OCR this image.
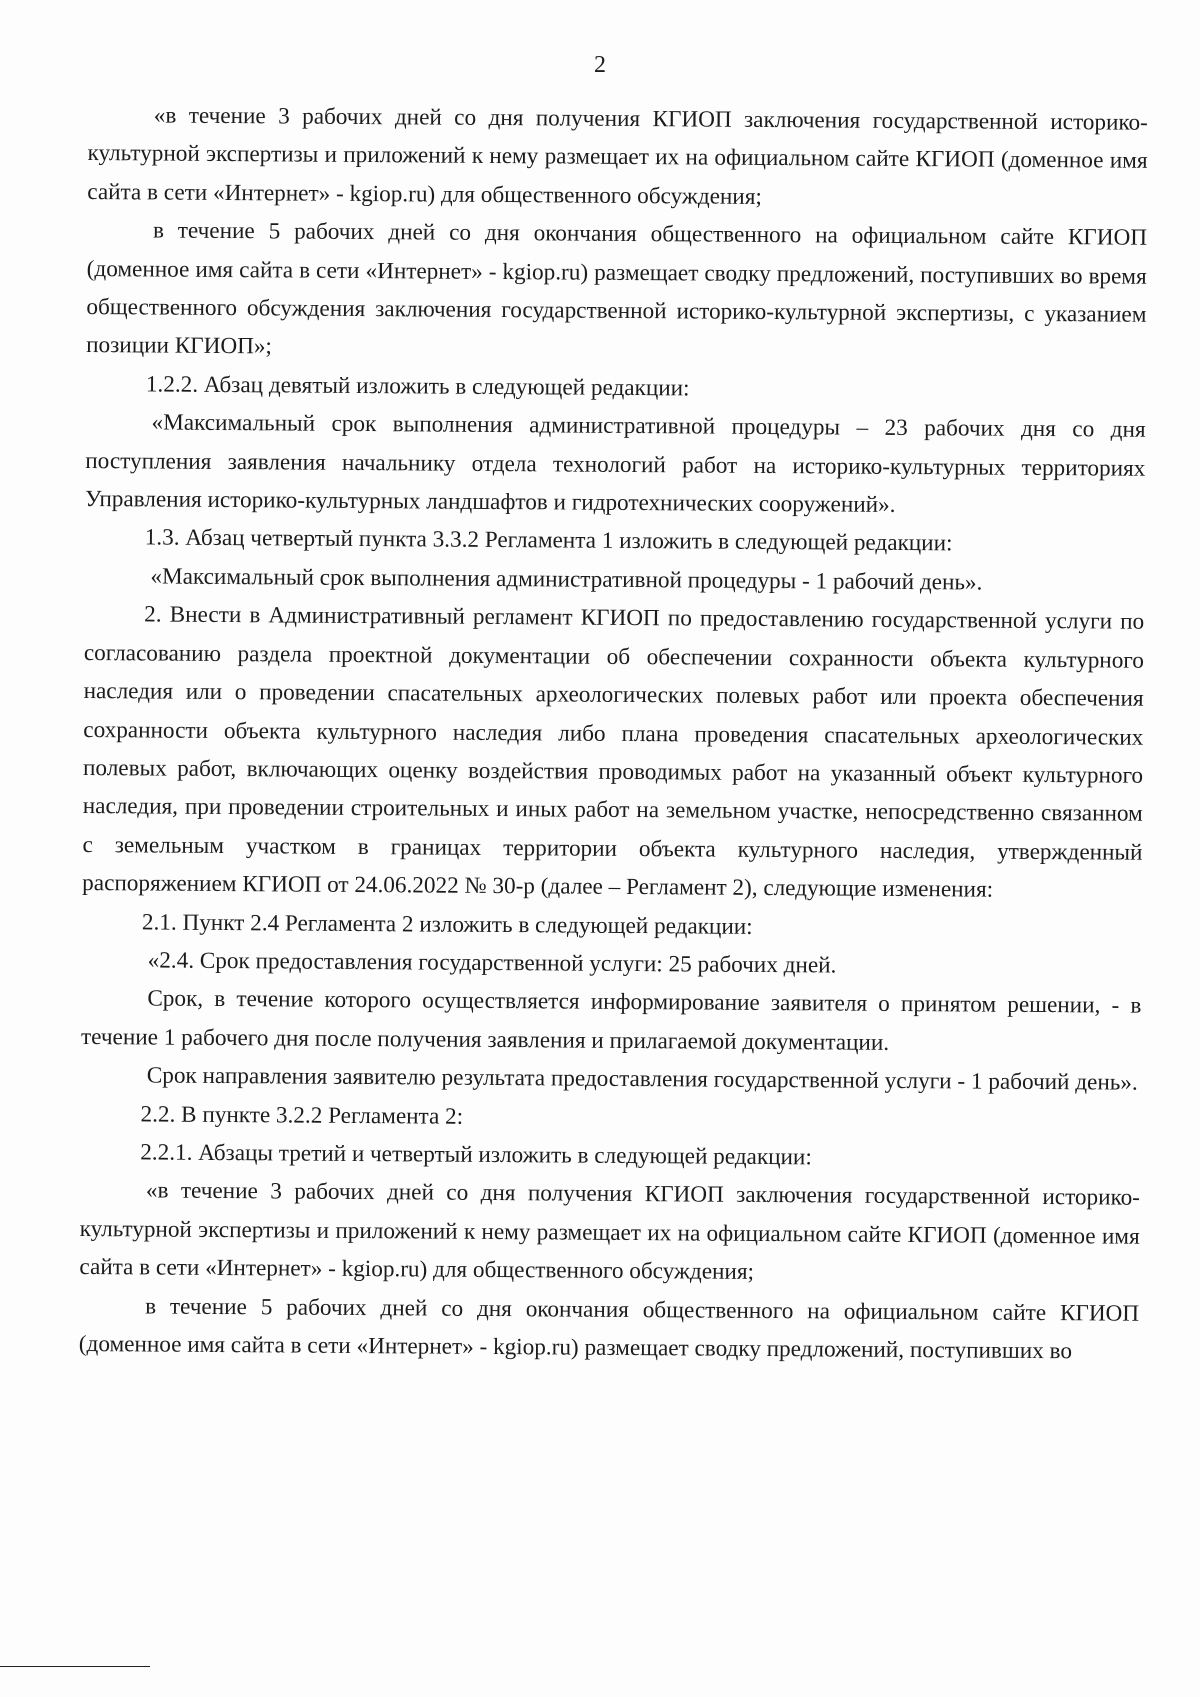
2

«в течение 3 рабочих дней со дня получения КГИОП заключения государственной историко-культурной экспертизы и приложений к нему размещает их на официальном сайте КГИОП (доменное имя сайта в сети «Интернет» - kgiop.ru) для общественного обсуждения;

в течение 5 рабочих дней со дня окончания общественного на официальном сайте КГИОП (доменное имя сайта в сети «Интернет» - kgiop.ru) размещает сводку предложений, поступивших во время общественного обсуждения заключения государственной историко-культурной экспертизы, с указанием позиции КГИОП»;

1.2.2. Абзац девятый изложить в следующей редакции:

«Максимальный срок выполнения административной процедуры – 23 рабочих дня со дня поступления заявления начальнику отдела технологий работ на историко-культурных территориях Управления историко-культурных ландшафтов и гидротехнических сооружений».

1.3. Абзац четвертый пункта 3.3.2 Регламента 1 изложить в следующей редакции:

«Максимальный срок выполнения административной процедуры - 1 рабочий день».

2. Внести в Административный регламент КГИОП по предоставлению государственной услуги по согласованию раздела проектной документации об обеспечении сохранности объекта культурного наследия или о проведении спасательных археологических полевых работ или проекта обеспечения сохранности объекта культурного наследия либо плана проведения спасательных археологических полевых работ, включающих оценку воздействия проводимых работ на указанный объект культурного наследия, при проведении строительных и иных работ на земельном участке, непосредственно связанном с земельным участком в границах территории объекта культурного наследия, утвержденный распоряжением КГИОП от 24.06.2022 № 30-р (далее – Регламент 2), следующие изменения:

2.1. Пункт 2.4 Регламента 2 изложить в следующей редакции:

«2.4. Срок предоставления государственной услуги: 25 рабочих дней.

Срок, в течение которого осуществляется информирование заявителя о принятом решении, - в течение 1 рабочего дня после получения заявления и прилагаемой документации.

Срок направления заявителю результата предоставления государственной услуги - 1 рабочий день».

2.2. В пункте 3.2.2 Регламента 2:

2.2.1. Абзацы третий и четвертый изложить в следующей редакции:

«в течение 3 рабочих дней со дня получения КГИОП заключения государственной историко-культурной экспертизы и приложений к нему размещает их на официальном сайте КГИОП (доменное имя сайта в сети «Интернет» - kgiop.ru) для общественного обсуждения;

в течение 5 рабочих дней со дня окончания общественного на официальном сайте КГИОП (доменное имя сайта в сети «Интернет» - kgiop.ru) размещает сводку предложений, поступивших во
